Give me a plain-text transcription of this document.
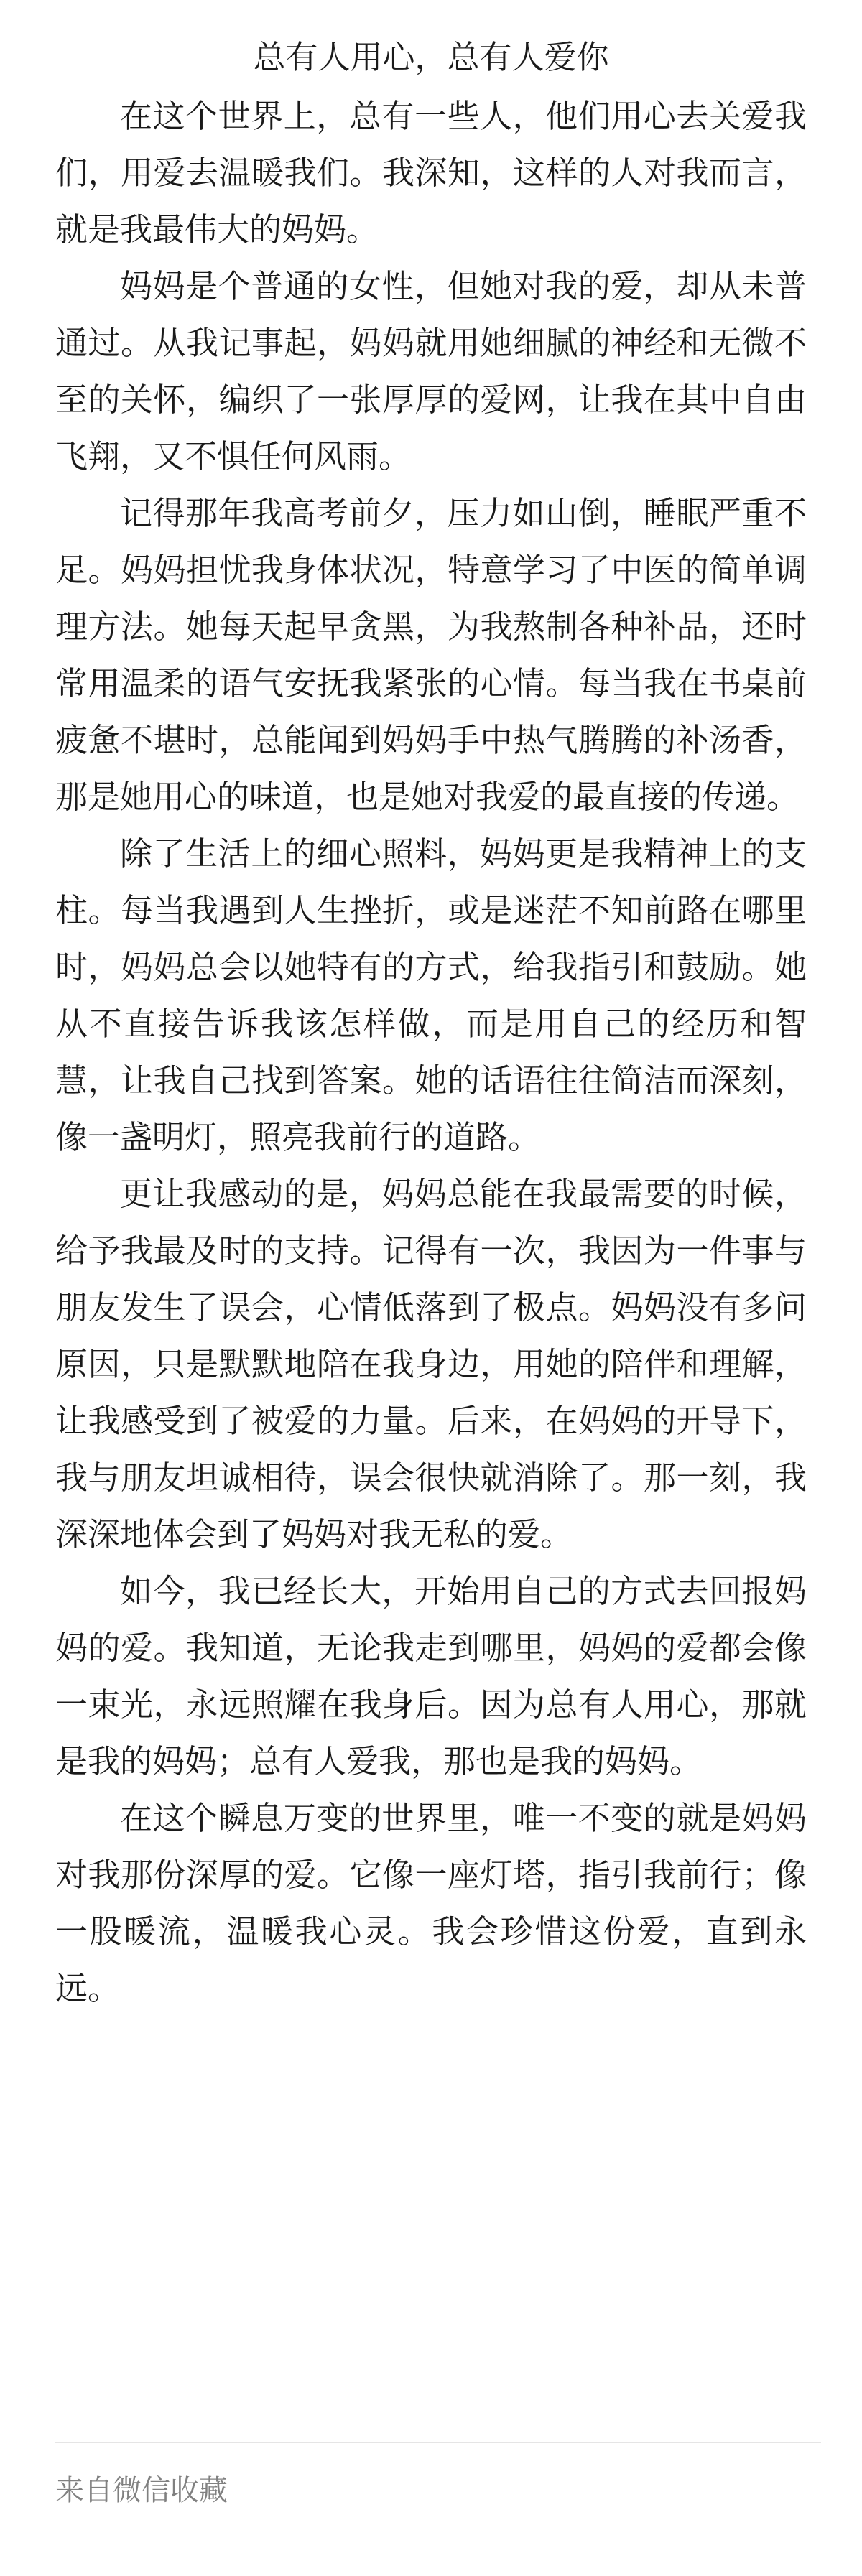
总有人用心，总有人爱你

在这个世界上，总有一些人，他们用心去关爱我们，用爱去温暖我们。我深知，这样的人对我而言，就是我最伟大的妈妈。

妈妈是个普通的女性，但她对我的爱，却从未普通过。从我记事起，妈妈就用她细腻的神经和无微不至的关怀，编织了一张厚厚的爱网，让我在其中自由飞翔，又不惧任何风雨。

记得那年我高考前夕，压力如山倒，睡眠严重不足。妈妈担忧我身体状况，特意学习了中医的简单调理方法。她每天起早贪黑，为我熬制各种补品，还时常用温柔的语气安抚我紧张的心情。每当我在书桌前疲惫不堪时，总能闻到妈妈手中热气腾腾的补汤香，那是她用心的味道，也是她对我爱的最直接的传递。

除了生活上的细心照料，妈妈更是我精神上的支柱。每当我遇到人生挫折，或是迷茫不知前路在哪里时，妈妈总会以她特有的方式，给我指引和鼓励。她从不直接告诉我该怎样做，而是用自己的经历和智慧，让我自己找到答案。她的话语往往简洁而深刻，像一盏明灯，照亮我前行的道路。

更让我感动的是，妈妈总能在我最需要的时候，给予我最及时的支持。记得有一次，我因为一件事与朋友发生了误会，心情低落到了极点。妈妈没有多问原因，只是默默地陪在我身边，用她的陪伴和理解，让我感受到了被爱的力量。后来，在妈妈的开导下，我与朋友坦诚相待，误会很快就消除了。那一刻，我深深地体会到了妈妈对我无私的爱。

如今，我已经长大，开始用自己的方式去回报妈妈的爱。我知道，无论我走到哪里，妈妈的爱都会像一束光，永远照耀在我身后。因为总有人用心，那就是我的妈妈；总有人爱我，那也是我的妈妈。

在这个瞬息万变的世界里，唯一不变的就是妈妈对我那份深厚的爱。它像一座灯塔，指引我前行；像一股暖流，温暖我心灵。我会珍惜这份爱，直到永远。

来自微信收藏
